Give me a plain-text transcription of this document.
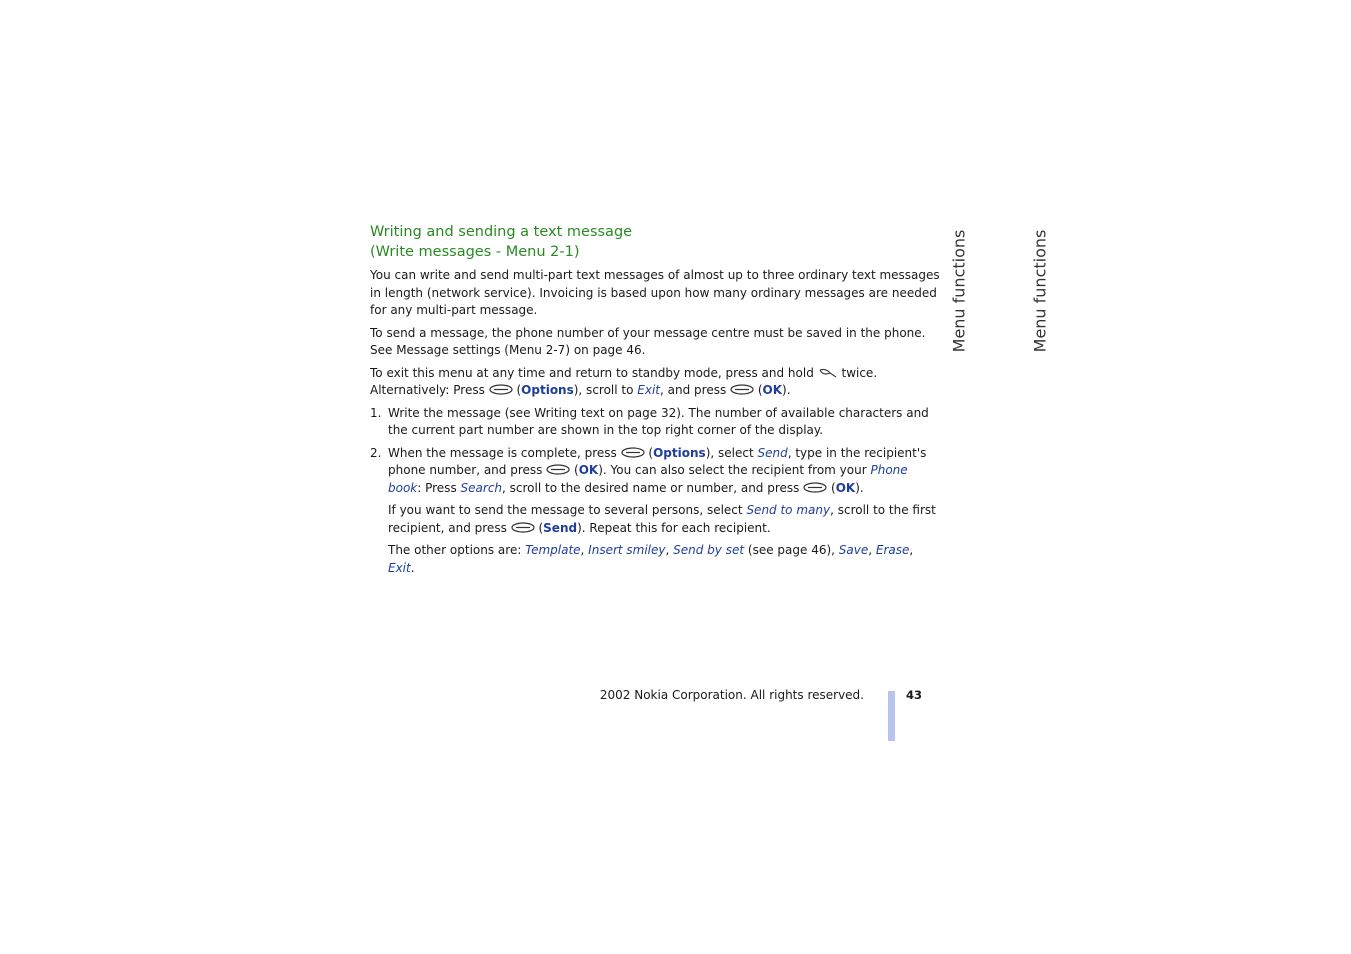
Writing and sending a text message
(Write messages - Menu 2-1)

You can write and send multi-part text messages of almost up to three ordinary text messages in length (network service). Invoicing is based upon how many ordinary messages are needed for any multi-part message.

To send a message, the phone number of your message centre must be saved in the phone. See Message settings (Menu 2-7) on page 46.

To exit this menu at any time and return to standby mode, press and hold twice. Alternatively: Press  (Options), scroll to Exit, and press  (OK).

1. Write the message (see Writing text on page 32). The number of available characters and the current part number are shown in the top right corner of the display.
2. When the message is complete, press  (Options), select Send, type in the recipient's phone number, and press  (OK). You can also select the recipient from your Phone book: Press Search, scroll to the desired name or number, and press  (OK).
If you want to send the message to several persons, select Send to many, scroll to the first recipient, and press  (Send). Repeat this for each recipient.
The other options are: Template, Insert smiley, Send by set (see page 46), Save, Erase, Exit.
Menu functions	Menu functions
2002 Nokia Corporation. All rights reserved.	43
